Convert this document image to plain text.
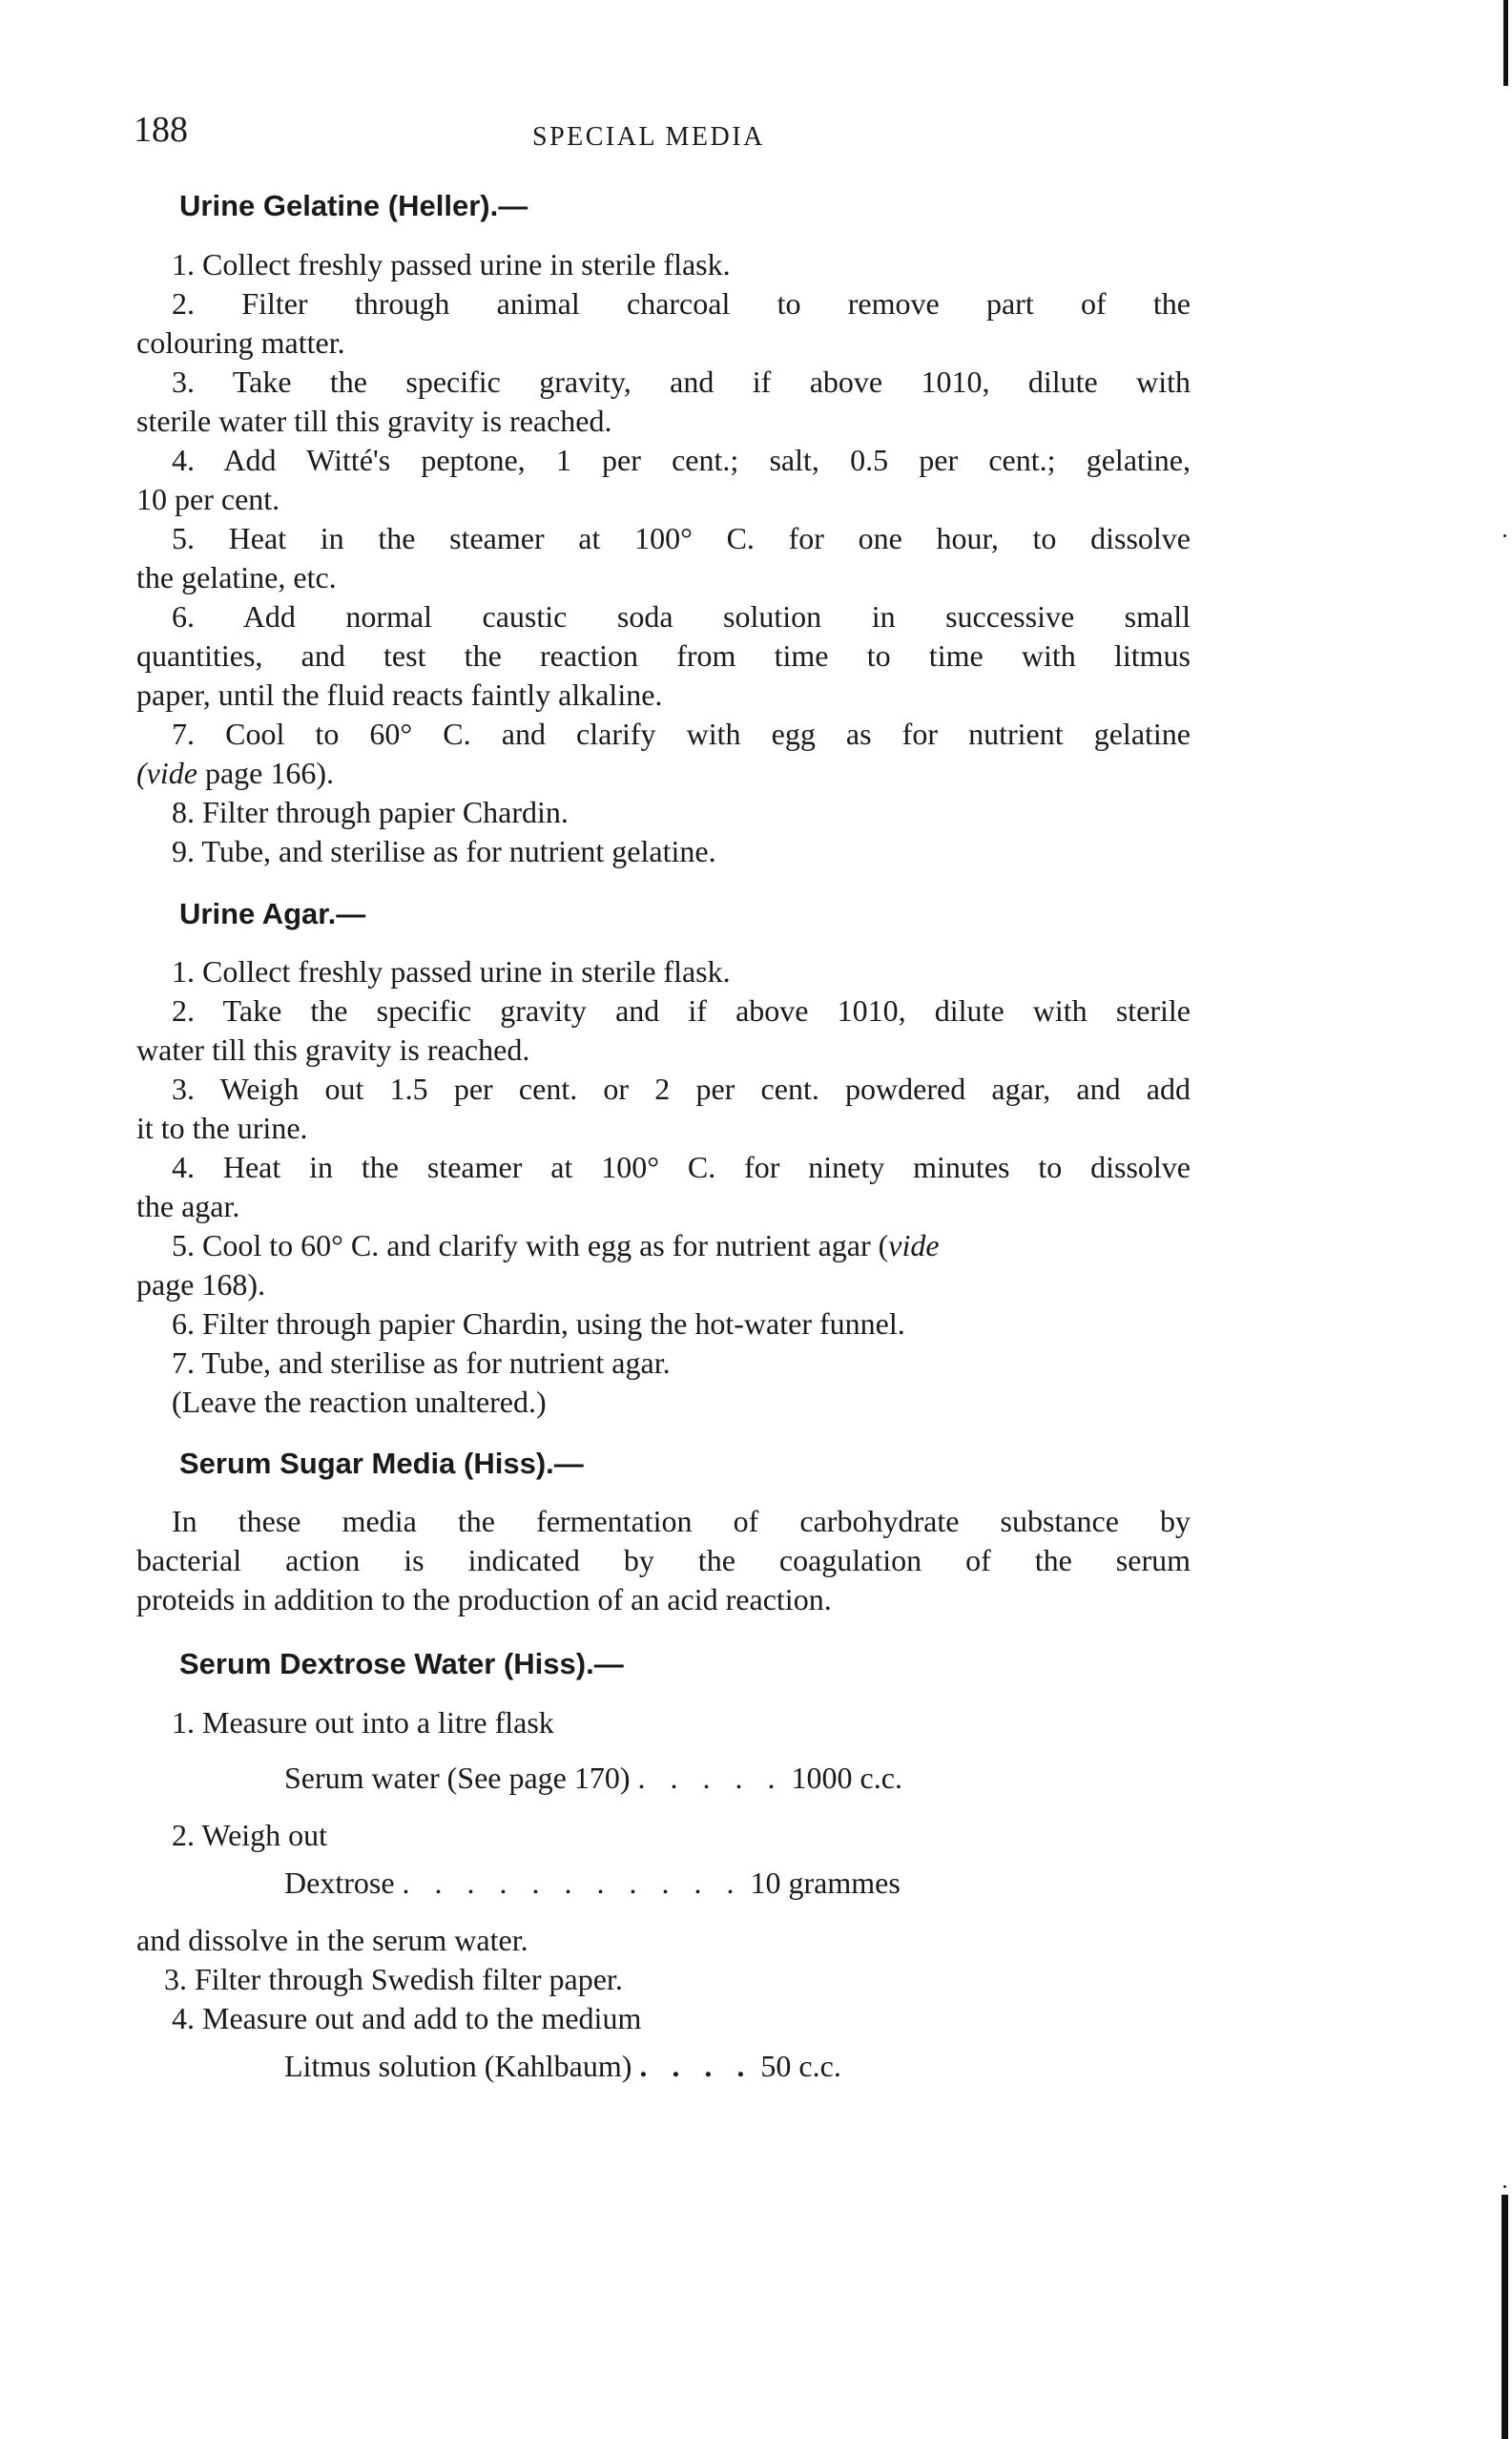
188	SPECIAL MEDIA
Urine Gelatine (Heller).—
1. Collect freshly passed urine in sterile flask.
2. Filter through animal charcoal to remove part of the
colouring matter.
3. Take the specific gravity, and if above 1010, dilute with
sterile water till this gravity is reached.
4. Add Witté's peptone, 1 per cent.; salt, 0.5 per cent.; gelatine,
10 per cent.
5. Heat in the steamer at 100° C. for one hour, to dissolve
the gelatine, etc.
6. Add normal caustic soda solution in successive small
quantities, and test the reaction from time to time with litmus
paper, until the fluid reacts faintly alkaline.
7. Cool to 60° C. and clarify with egg as for nutrient gelatine
(vide page 166).
8. Filter through papier Chardin.
9. Tube, and sterilise as for nutrient gelatine.
Urine Agar.—
1. Collect freshly passed urine in sterile flask.
2. Take the specific gravity and if above 1010, dilute with sterile
water till this gravity is reached.
3. Weigh out 1.5 per cent. or 2 per cent. powdered agar, and add
it to the urine.
4. Heat in the steamer at 100° C. for ninety minutes to dissolve
the agar.
5. Cool to 60° C. and clarify with egg as for nutrient agar (vide
page 168).
6. Filter through papier Chardin, using the hot-water funnel.
7. Tube, and sterilise as for nutrient agar.
(Leave the reaction unaltered.)
Serum Sugar Media (Hiss).—
In these media the fermentation of carbohydrate substance by
bacterial action is indicated by the coagulation of the serum
proteids in addition to the production of an acid reaction.
Serum Dextrose Water (Hiss).—
1. Measure out into a litre flask
Serum water (See page 170) . . . . . 1000 c.c.
2. Weigh out
Dextrose . . . . . . . . . . . 10 grammes
and dissolve in the serum water.
3. Filter through Swedish filter paper.
4. Measure out and add to the medium
Litmus solution (Kahlbaum) . . . . 50 c.c.
